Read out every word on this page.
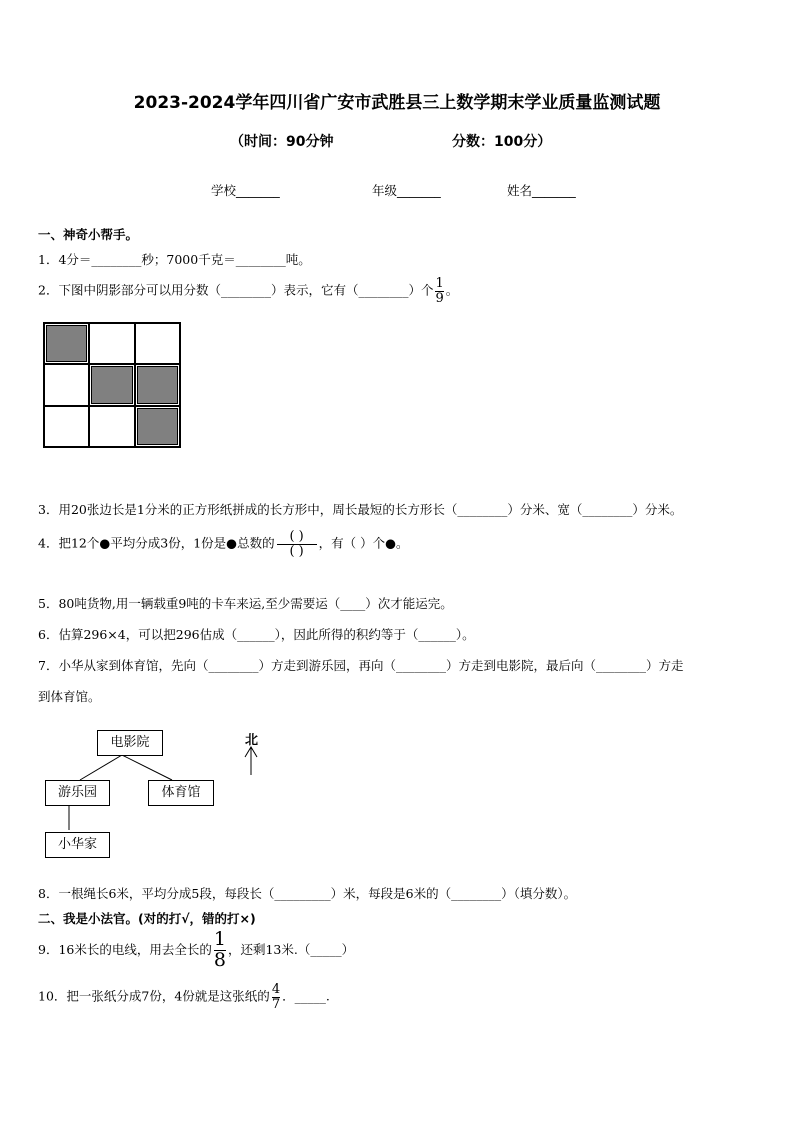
2023-2024学年四川省广安市武胜县三上数学期末学业质量监测试题
（时间：90分钟	分数：100分）
学校_______	年级_______	姓名_______
一、神奇小帮手。
1．4分＝________秒；7000千克＝________吨。
2．下图中阴影部分可以用分数（________）表示，它有（________）个 $\frac{1}{9}$ 。
3．用20张边长是1分米的正方形纸拼成的长方形中，周长最短的长方形长（________）分米、宽（________）分米。
4．把12个●平均分成3份，1份是●总数的 $\frac{( )}{( )}$ ，有（ ）个●。
5．80吨货物,用一辆载重9吨的卡车来运,至少需要运（____）次才能运完。
6．估算296×4，可以把296估成（______），因此所得的积约等于（______）。
7．小华从家到体育馆，先向（________）方走到游乐园，再向（________）方走到电影院，最后向（________）方走
到体育馆。
电影院
游乐园	体育馆
小华家
北
8．一根绳长6米，平均分成5段，每段长（_________）米，每段是6米的（________）（填分数）。
二、我是小法官。(对的打√，错的打×)
9．16米长的电线，用去全长的 $\frac{1}{8}$ ，还剩13米.（_____）
10．把一张纸分成7份，4份就是这张纸的 $\frac{4}{7}$ ．_____.
